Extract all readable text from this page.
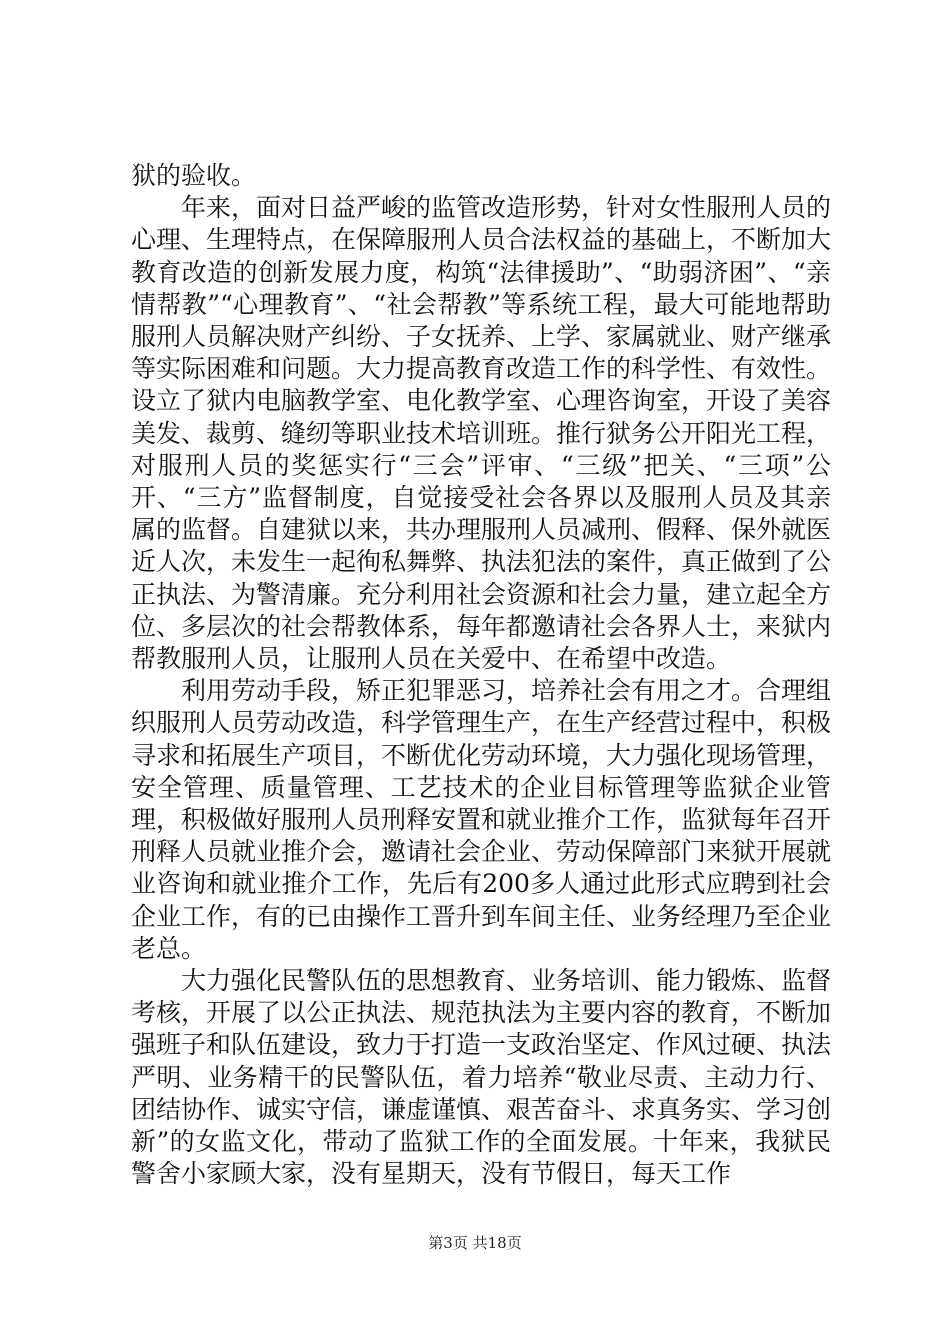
狱的验收。

年来，面对日益严峻的监管改造形势，针对女性服刑人员的心理、生理特点，在保障服刑人员合法权益的基础上，不断加大教育改造的创新发展力度，构筑“法律援助”、“助弱济困”、“亲情帮教”“心理教育”、“社会帮教”等系统工程，最大可能地帮助服刑人员解决财产纠纷、子女抚养、上学、家属就业、财产继承等实际困难和问题。大力提高教育改造工作的科学性、有效性。设立了狱内电脑教学室、电化教学室、心理咨询室，开设了美容美发、裁剪、缝纫等职业技术培训班。推行狱务公开阳光工程，对服刑人员的奖惩实行“三会”评审、“三级”把关、“三项”公开、“三方”监督制度，自觉接受社会各界以及服刑人员及其亲属的监督。自建狱以来，共办理服刑人员减刑、假释、保外就医近人次，未发生一起徇私舞弊、执法犯法的案件，真正做到了公正执法、为警清廉。充分利用社会资源和社会力量，建立起全方位、多层次的社会帮教体系，每年都邀请社会各界人士，来狱内帮教服刑人员，让服刑人员在关爱中、在希望中改造。

利用劳动手段，矫正犯罪恶习，培养社会有用之才。合理组织服刑人员劳动改造，科学管理生产，在生产经营过程中，积极寻求和拓展生产项目，不断优化劳动环境，大力强化现场管理，安全管理、质量管理、工艺技术的企业目标管理等监狱企业管理，积极做好服刑人员刑释安置和就业推介工作，监狱每年召开刑释人员就业推介会，邀请社会企业、劳动保障部门来狱开展就业咨询和就业推介工作，先后有200多人通过此形式应聘到社会企业工作，有的已由操作工晋升到车间主任、业务经理乃至企业老总。

大力强化民警队伍的思想教育、业务培训、能力锻炼、监督考核，开展了以公正执法、规范执法为主要内容的教育，不断加强班子和队伍建设，致力于打造一支政治坚定、作风过硬、执法严明、业务精干的民警队伍，着力培养“敬业尽责、主动力行、团结协作、诚实守信，谦虚谨慎、艰苦奋斗、求真务实、学习创新”的女监文化，带动了监狱工作的全面发展。十年来，我狱民警舍小家顾大家，没有星期天，没有节假日，每天工作

第3页 共18页
